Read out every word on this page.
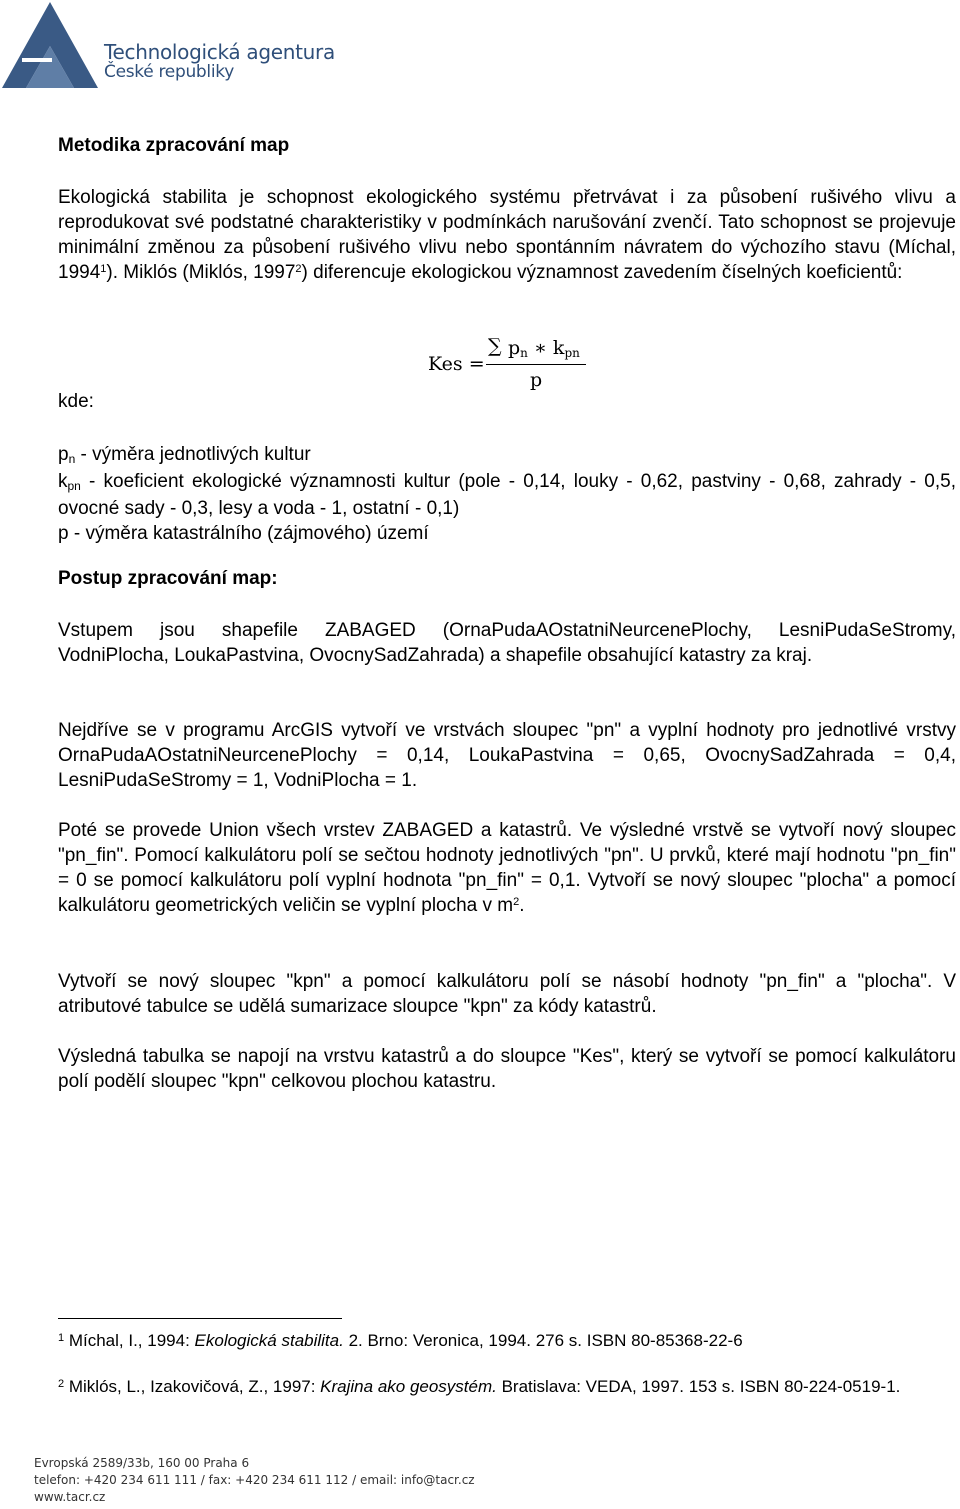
Technologická agentura
České republiky
Metodika zpracování map

Ekologická stabilita je schopnost ekologického systému přetrvávat i za působení rušivého vlivu a reprodukovat své podstatné charakteristiky v podmínkách narušování zvenčí. Tato schopnost se projevuje minimální změnou za působení rušivého vlivu nebo spontánním návratem do výchozího stavu (Míchal, 1994$^1$). Miklós (Miklós, 1997$^2$) diferencuje ekologickou významnost zavedením číselných koeficientů:

Kes =
∑ $p_n$ ∗ $k_{pn}$
p
kde:
$p_n$ - výměra jednotlivých kultur
$k_{pn}$ - koeficient ekologické významnosti kultur (pole - 0,14, louky - 0,62, pastviny - 0,68, zahrady - 0,5, ovocné sady - 0,3, lesy a voda - 1, ostatní - 0,1)
p - výměra katastrálního (zájmového) území
Postup zpracování map:

Vstupem jsou shapefile ZABAGED (OrnaPudaAOstatniNeurcenePlochy, LesniPudaSeStromy, VodniPlocha, LoukaPastvina, OvocnySadZahrada) a shapefile obsahující katastry za kraj.

Nejdříve se v programu ArcGIS vytvoří ve vrstvách sloupec "pn" a vyplní hodnoty pro jednotlivé vrstvy OrnaPudaAOstatniNeurcenePlochy = 0,14, LoukaPastvina = 0,65, OvocnySadZahrada = 0,4, LesniPudaSeStromy = 1, VodniPlocha = 1.

Poté se provede Union všech vrstev ZABAGED a katastrů. Ve výsledné vrstvě se vytvoří nový sloupec "pn_fin". Pomocí kalkulátoru polí se sečtou hodnoty jednotlivých "pn". U prvků, které mají hodnotu "pn_fin" = 0 se pomocí kalkulátoru polí vyplní hodnota "pn_fin" = 0,1. Vytvoří se nový sloupec "plocha" a pomocí kalkulátoru geometrických veličin se vyplní plocha v $m^2$.

Vytvoří se nový sloupec "kpn" a pomocí kalkulátoru polí se násobí hodnoty "pn_fin" a "plocha". V atributové tabulce se udělá sumarizace sloupce "kpn" za kódy katastrů.

Výsledná tabulka se napojí na vrstvu katastrů a do sloupce "Kes", který se vytvoří se pomocí kalkulátoru polí podělí sloupec "kpn" celkovou plochou katastru.

$^1$ Míchal, I., 1994: Ekologická stabilita. 2. Brno: Veronica, 1994. 276 s. ISBN 80-85368-22-6
$^2$ Miklós, L., Izakovičová, Z., 1997: Krajina ako geosystém. Bratislava: VEDA, 1997. 153 s. ISBN 80-224-0519-1.
Evropská 2589/33b, 160 00 Praha 6
telefon: +420 234 611 111 / fax: +420 234 611 112 / email: info@tacr.cz
www.tacr.cz
